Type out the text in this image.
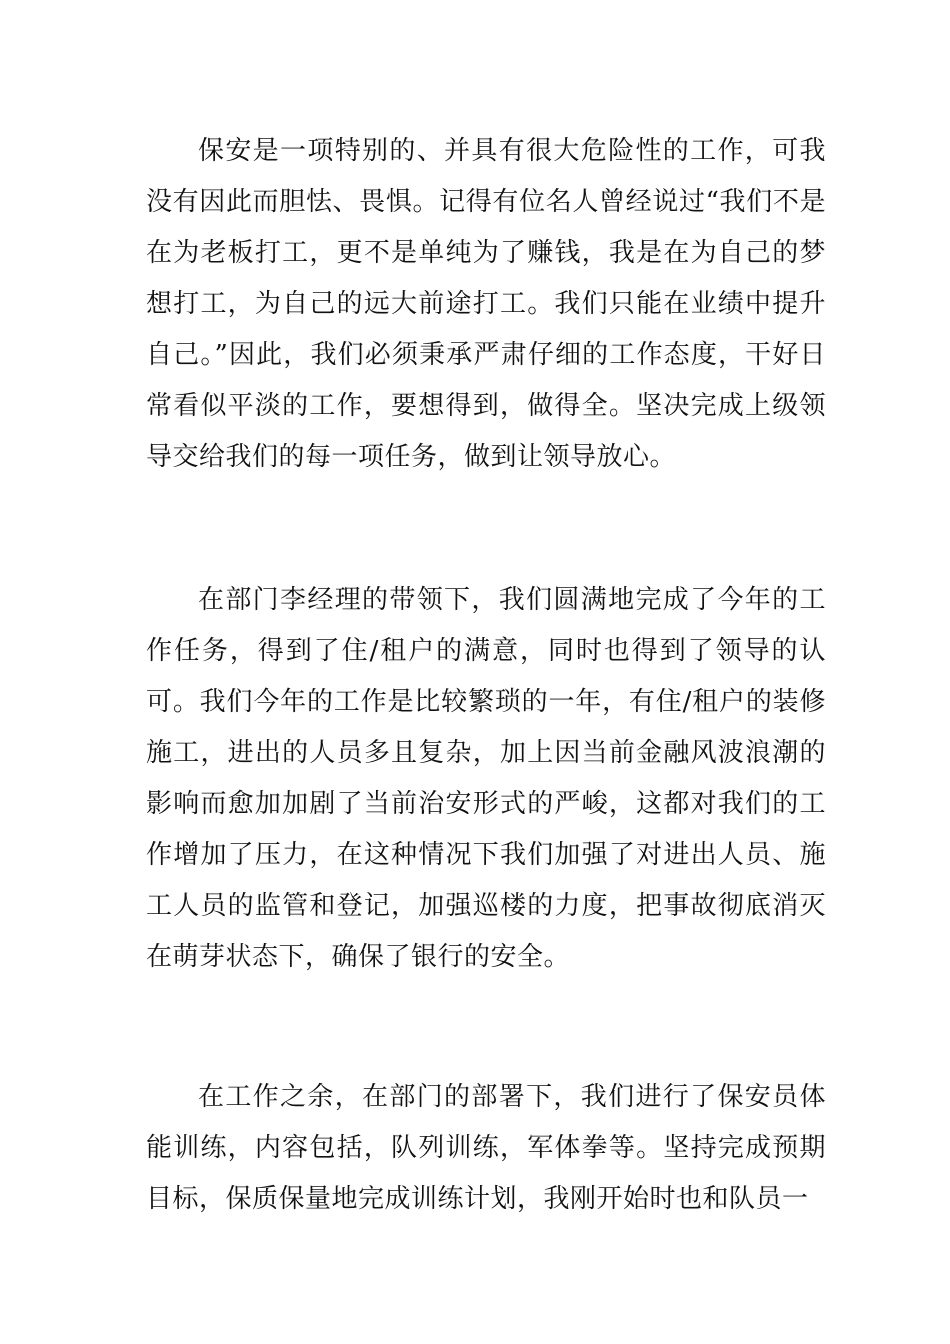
保安是一项特别的、并具有很大危险性的工作，可我没有因此而胆怯、畏惧。记得有位名人曾经说过“我们不是在为老板打工，更不是单纯为了赚钱，我是在为自己的梦想打工，为自己的远大前途打工。我们只能在业绩中提升自己。”因此，我们必须秉承严肃仔细的工作态度，干好日常看似平淡的工作，要想得到，做得全。坚决完成上级领导交给我们的每一项任务，做到让领导放心。

在部门李经理的带领下，我们圆满地完成了今年的工作任务，得到了住/租户的满意，同时也得到了领导的认可。我们今年的工作是比较繁琐的一年，有住/租户的装修施工，进出的人员多且复杂，加上因当前金融风波浪潮的影响而愈加加剧了当前治安形式的严峻，这都对我们的工作增加了压力，在这种情况下我们加强了对进出人员、施工人员的监管和登记，加强巡楼的力度，把事故彻底消灭在萌芽状态下，确保了银行的安全。

在工作之余，在部门的部署下，我们进行了保安员体能训练，内容包括，队列训练，军体拳等。坚持完成预期目标，保质保量地完成训练计划，我刚开始时也和队员一
